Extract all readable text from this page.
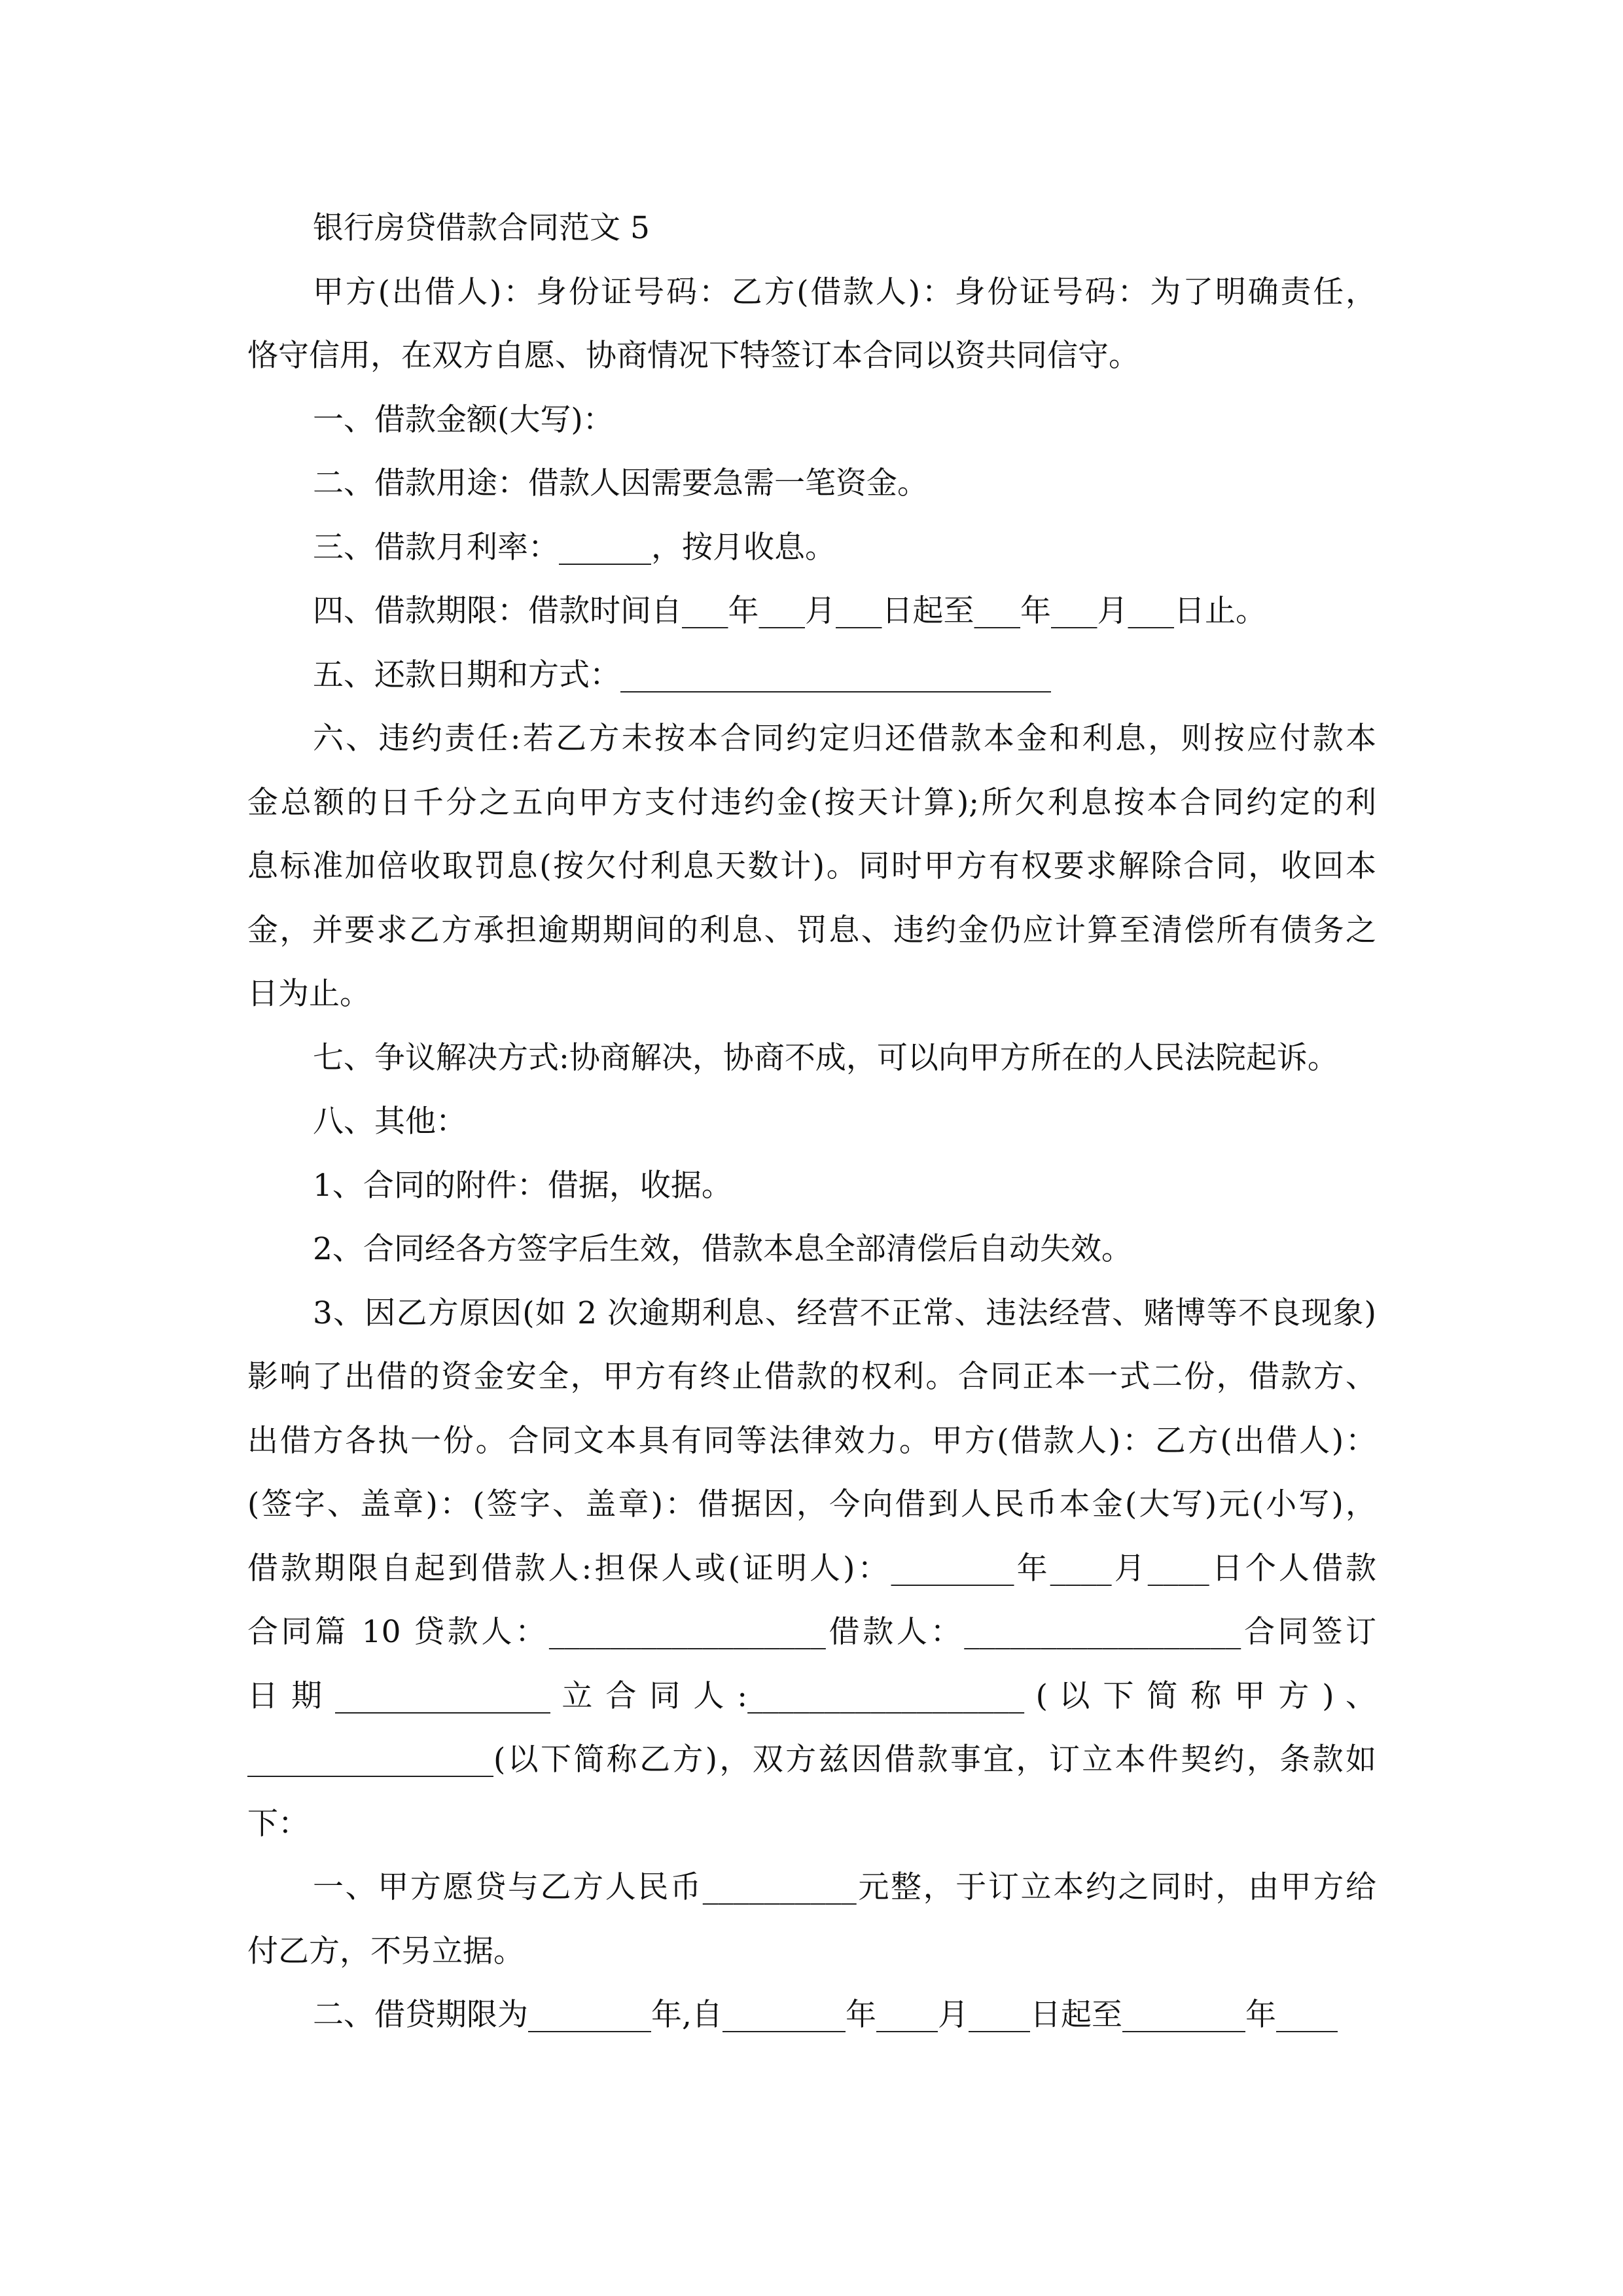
银行房贷借款合同范文 5
甲方(出借人)：身份证号码：乙方(借款人)：身份证号码：为了明确责任，
恪守信用，在双方自愿、协商情况下特签订本合同以资共同信守。
一、借款金额(大写)：
二、借款用途：借款人因需要急需一笔资金。
三、借款月利率：______，按月收息。
四、借款期限：借款时间自___年___月___日起至___年___月___日止。
五、还款日期和方式：____________________________
六、违约责任:若乙方未按本合同约定归还借款本金和利息，则按应付款本
金总额的日千分之五向甲方支付违约金(按天计算);所欠利息按本合同约定的利
息标准加倍收取罚息(按欠付利息天数计)。同时甲方有权要求解除合同，收回本
金，并要求乙方承担逾期期间的利息、罚息、违约金仍应计算至清偿所有债务之
日为止。
七、争议解决方式:协商解决，协商不成，可以向甲方所在的人民法院起诉。
八、其他：
1、合同的附件：借据，收据。
2、合同经各方签字后生效，借款本息全部清偿后自动失效。
3、因乙方原因(如 2 次逾期利息、经营不正常、违法经营、赌博等不良现象)
影响了出借的资金安全，甲方有终止借款的权利。合同正本一式二份，借款方、
出借方各执一份。合同文本具有同等法律效力。甲方(借款人)：乙方(出借人)：
(签字、盖章)：(签字、盖章)：借据因，今向借到人民币本金(大写)元(小写)，
借款期限自起到借款人:担保人或(证明人)：________年____月____日个人借款
合同篇 10 贷款人：__________________借款人：__________________合同签订
日 期 ______________ 立 合 同 人 :__________________ ( 以 下 简 称 甲 方 ) 、
________________(以下简称乙方)，双方兹因借款事宜，订立本件契约，条款如
下：
一、甲方愿贷与乙方人民币__________元整，于订立本约之同时，由甲方给
付乙方，不另立据。
二、借贷期限为________年,自________年____月____日起至________年____
